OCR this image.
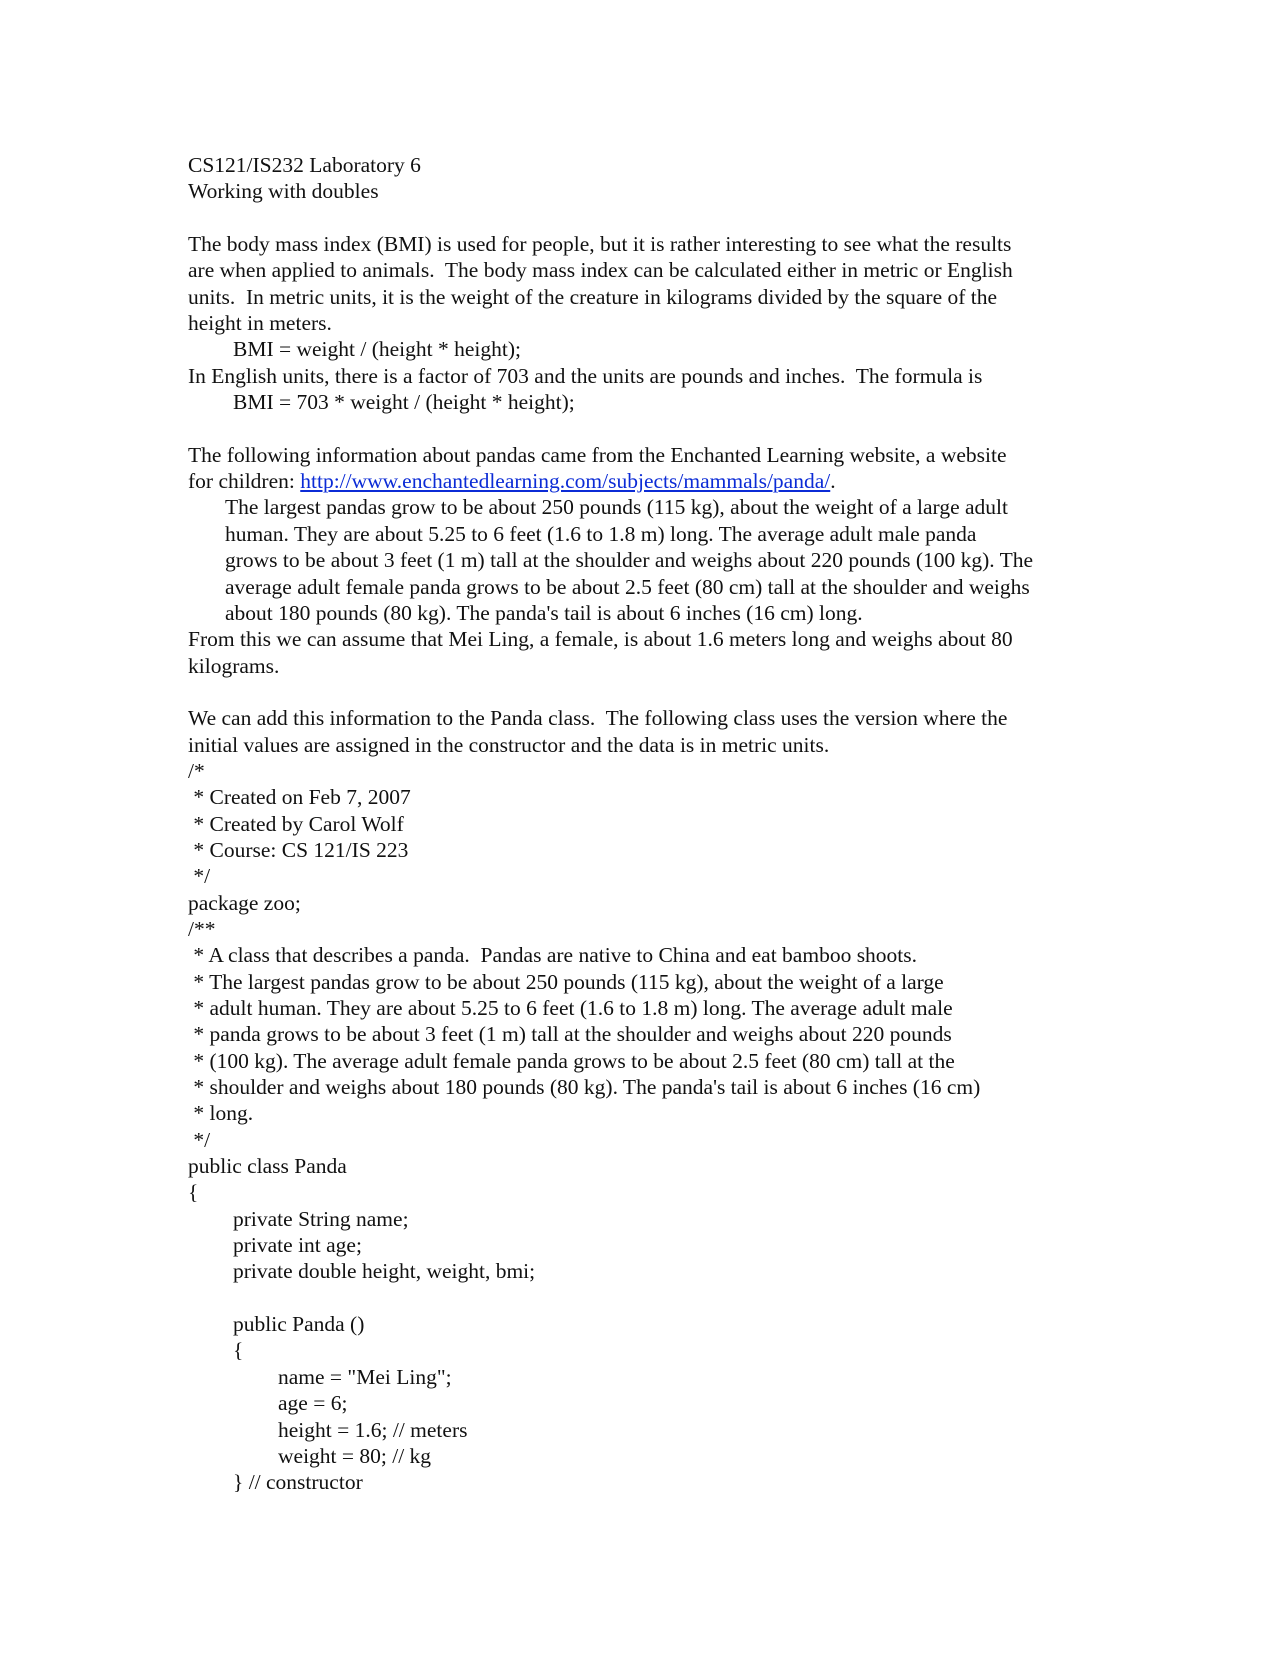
CS121/IS232 Laboratory 6
Working with doubles
The body mass index (BMI) is used for people, but it is rather interesting to see what the results
are when applied to animals.  The body mass index can be calculated either in metric or English
units.  In metric units, it is the weight of the creature in kilograms divided by the square of the
height in meters.
BMI = weight / (height * height);
In English units, there is a factor of 703 and the units are pounds and inches.  The formula is
BMI = 703 * weight / (height * height);
The following information about pandas came from the Enchanted Learning website, a website
for children: http://www.enchantedlearning.com/subjects/mammals/panda/.
The largest pandas grow to be about 250 pounds (115 kg), about the weight of a large adult
human. They are about 5.25 to 6 feet (1.6 to 1.8 m) long. The average adult male panda
grows to be about 3 feet (1 m) tall at the shoulder and weighs about 220 pounds (100 kg). The
average adult female panda grows to be about 2.5 feet (80 cm) tall at the shoulder and weighs
about 180 pounds (80 kg). The panda's tail is about 6 inches (16 cm) long.
From this we can assume that Mei Ling, a female, is about 1.6 meters long and weighs about 80
kilograms.
We can add this information to the Panda class.  The following class uses the version where the
initial values are assigned in the constructor and the data is in metric units.
/*
* Created on Feb 7, 2007
* Created by Carol Wolf
* Course: CS 121/IS 223
*/
package zoo;
/**
* A class that describes a panda.  Pandas are native to China and eat bamboo shoots.
* The largest pandas grow to be about 250 pounds (115 kg), about the weight of a large
* adult human. They are about 5.25 to 6 feet (1.6 to 1.8 m) long. The average adult male
* panda grows to be about 3 feet (1 m) tall at the shoulder and weighs about 220 pounds
* (100 kg). The average adult female panda grows to be about 2.5 feet (80 cm) tall at the
* shoulder and weighs about 180 pounds (80 kg). The panda's tail is about 6 inches (16 cm)
* long.
*/
public class Panda
{
private String name;
private int age;
private double height, weight, bmi;
public Panda ()
{
name = "Mei Ling";
age = 6;
height = 1.6; // meters
weight = 80; // kg
} // constructor
